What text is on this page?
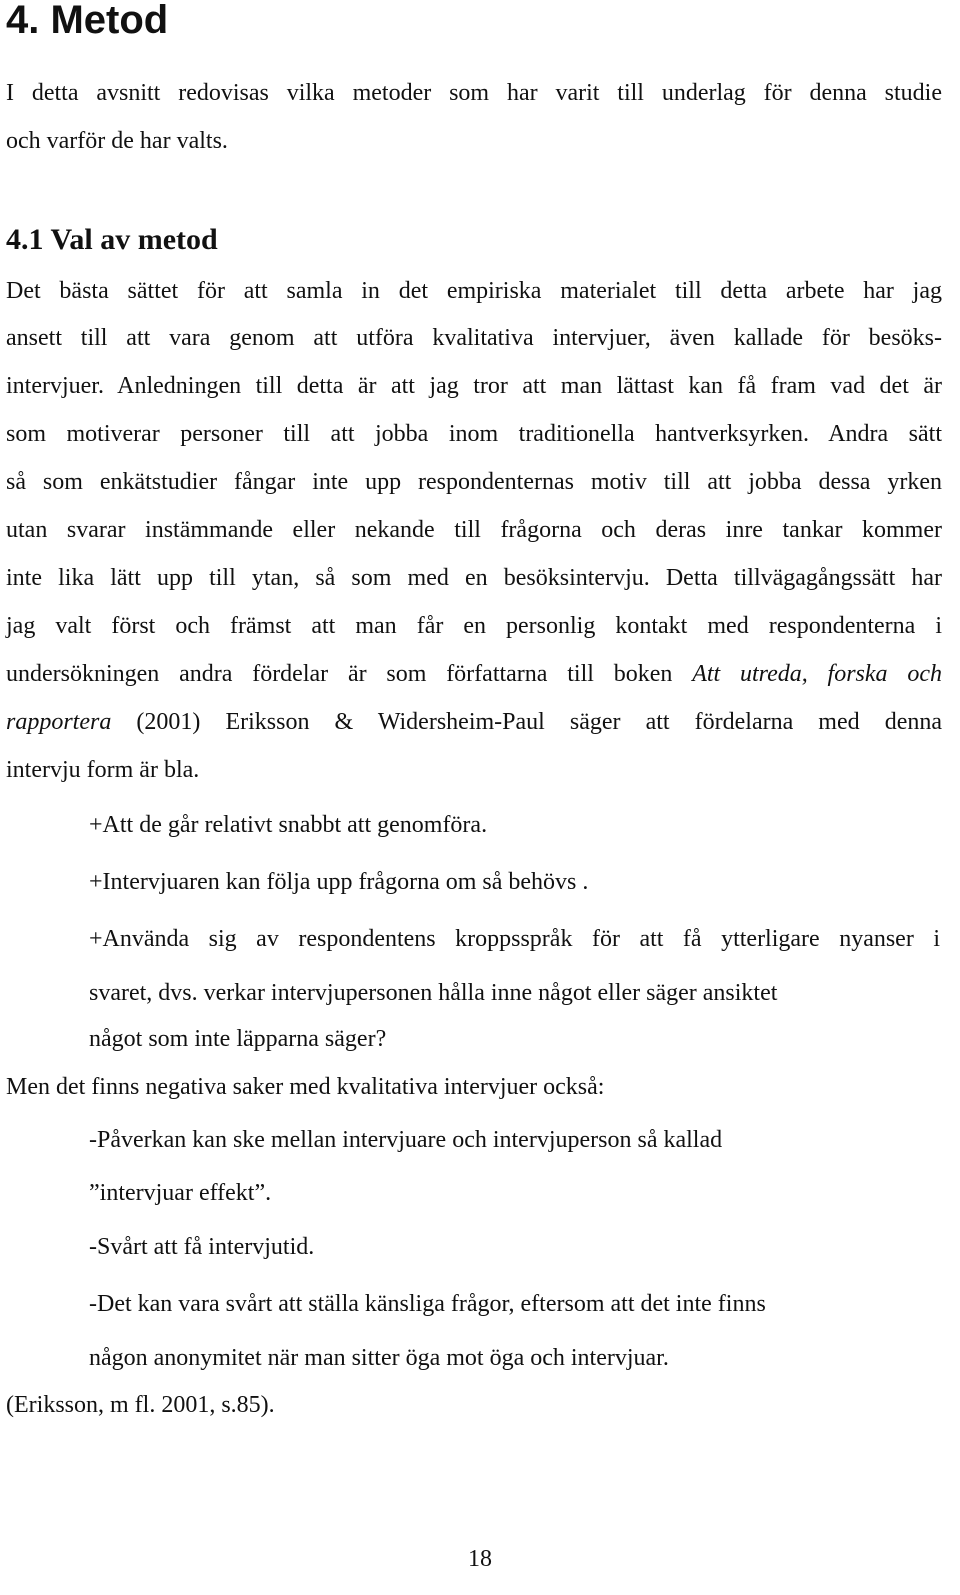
4. Metod

I detta avsnitt redovisas vilka metoder som har varit till underlag för denna studie

och varför de har valts.

4.1 Val av metod

Det bästa sättet för att samla in det empiriska materialet till detta arbete har jag

ansett till att vara genom att utföra kvalitativa intervjuer, även kallade för besöks-

intervjuer. Anledningen till detta är att jag tror att man lättast kan få fram vad det är

som motiverar personer till att jobba inom traditionella hantverksyrken. Andra sätt

så som enkätstudier fångar inte upp respondenternas motiv till att jobba dessa yrken

utan svarar instämmande eller nekande till frågorna och deras inre tankar kommer

inte lika lätt upp till ytan, så som med en besöksintervju. Detta tillvägagångssätt har

jag valt först och främst att man får en personlig kontakt med respondenterna i

undersökningen andra fördelar är som författarna till boken Att utreda, forska och

rapportera (2001) Eriksson & Widersheim-Paul säger att fördelarna med denna

intervju form är bla.

+Att de går relativt snabbt att genomföra.

+Intervjuaren kan följa upp frågorna om så behövs .

+Använda sig av respondentens kroppsspråk för att få ytterligare nyanser i

svaret, dvs. verkar intervjupersonen hålla inne något eller säger ansiktet

något som inte läpparna säger?

Men det finns negativa saker med kvalitativa intervjuer också:

-Påverkan kan ske mellan intervjuare och intervjuperson så kallad

”intervjuar effekt”.

-Svårt att få intervjutid.

-Det kan vara svårt att ställa känsliga frågor, eftersom att det inte finns

någon anonymitet när man sitter öga mot öga och intervjuar.

(Eriksson, m fl. 2001, s.85).

18
